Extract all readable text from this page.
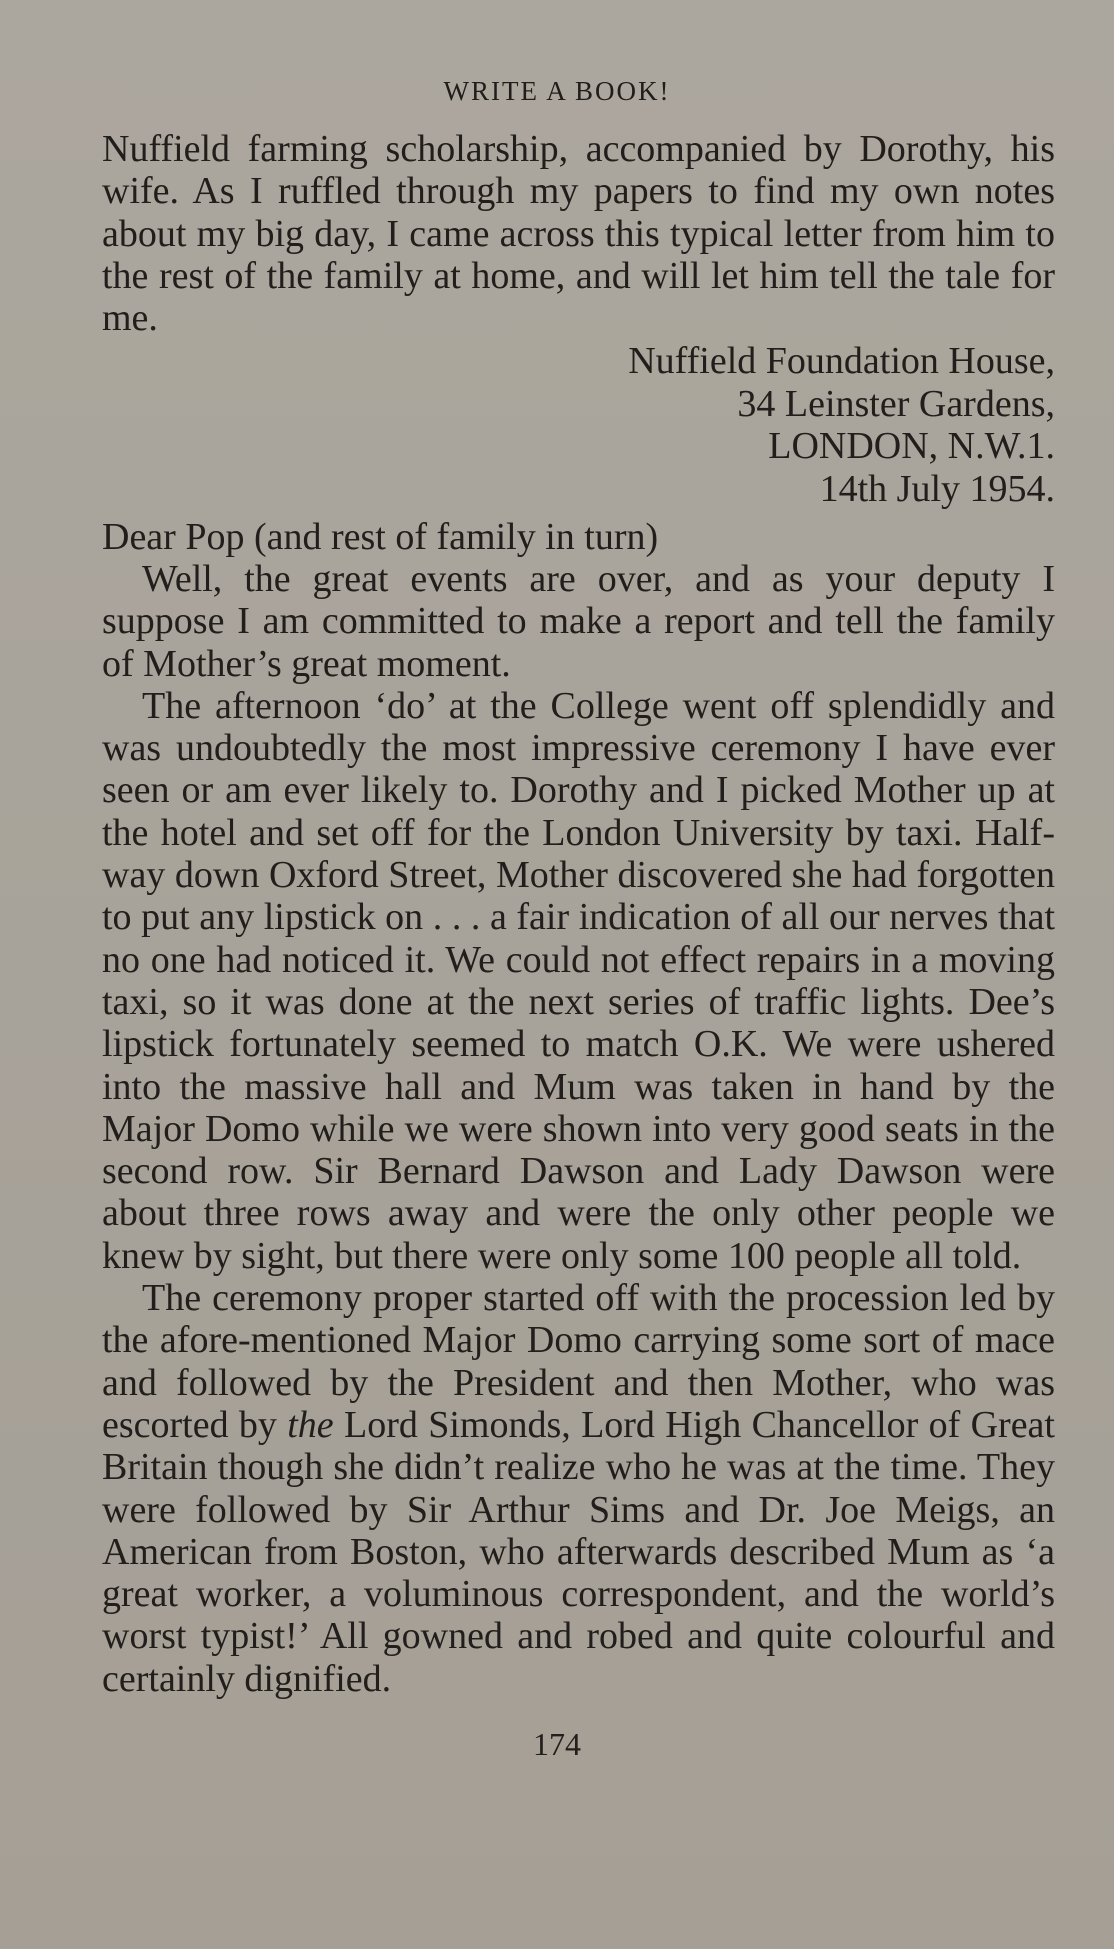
WRITE A BOOK!

Nuffield farming scholarship, accompanied by Dorothy, his wife. As I ruffled through my papers to find my own notes about my big day, I came across this typical letter from him to the rest of the family at home, and will let him tell the tale for me.

Nuffield Foundation House,
34 Leinster Gardens,
LONDON, N.W.1.
14th July 1954.
Dear Pop (and rest of family in turn)

Well, the great events are over, and as your deputy I suppose I am committed to make a report and tell the family of Mother’s great moment.

The afternoon ‘do’ at the College went off splendidly and was undoubtedly the most impressive ceremony I have ever seen or am ever likely to. Dorothy and I picked Mother up at the hotel and set off for the London University by taxi. Half-way down Oxford Street, Mother discovered she had forgotten to put any lipstick on . . . a fair indication of all our nerves that no one had noticed it. We could not effect repairs in a moving taxi, so it was done at the next series of traffic lights. Dee’s lipstick fortunately seemed to match O.K. We were ushered into the massive hall and Mum was taken in hand by the Major Domo while we were shown into very good seats in the second row. Sir Bernard Dawson and Lady Dawson were about three rows away and were the only other people we knew by sight, but there were only some 100 people all told.

The ceremony proper started off with the procession led by the afore-mentioned Major Domo carrying some sort of mace and followed by the President and then Mother, who was escorted by the Lord Simonds, Lord High Chancellor of Great Britain though she didn’t realize who he was at the time. They were followed by Sir Arthur Sims and Dr. Joe Meigs, an American from Boston, who afterwards described Mum as ‘a great worker, a voluminous correspondent, and the world’s worst typist!’ All gowned and robed and quite colourful and certainly dignified.

174
